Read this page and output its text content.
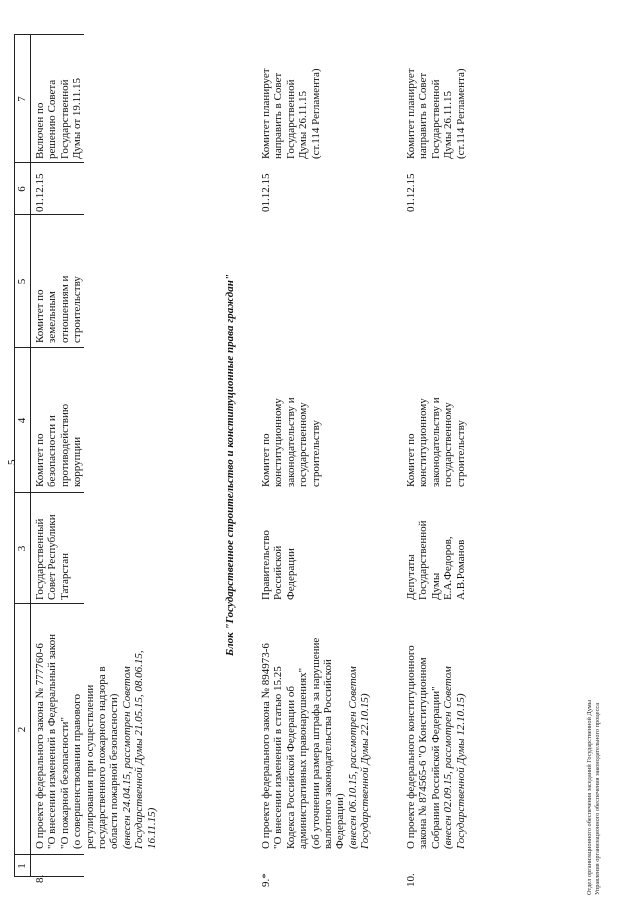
5
1
2
3
4
5
6
7
8.
О проекте федерального закона № 777760-6 "О внесении изменений в Федеральный закон "О пожарной безопасности" (о совершенствовании правового регулирования при осуществлении государственного пожарного надзора в области пожарной безопасности) (внесен 24.04.15, рассмотрен Советом Государственной Думы 21.05.15, 08.06.15, 16.11.15)
Государственный Совет Республики Татарстан
Комитет по безопасности и противодействию коррупции
Комитет по земельным отношениям и строительству
01.12.15
Включен по решению Совета Государственной Думы от 19.11.15
Блок "Государственное строительство и конституционные права граждан"
9.*
О проекте федерального закона № 894973-6 "О внесении изменений в статью 15.25 Кодекса Российской Федерации об административных правонарушениях" (об уточнении размера штрафа за нарушение валютного законодательства Российской Федерации) (внесен 06.10.15, рассмотрен Советом Государственной Думы 22.10.15)
Правительство Российской Федерации
Комитет по конституционному законодательству и государственному строительству
01.12.15
Комитет планирует направить в Совет Государственной Думы 26.11.15 (ст.114 Регламента)
10.
О проекте федерального конституционного закона № 874565-6 "О Конституционном Собрании Российской Федерации" (внесен 02.09.15, рассмотрен Советом Государственной Думы 12.10.15)
Депутаты Государственной Думы Е.А.Федоров, А.В.Романов
Комитет по конституционному законодательству и государственному строительству
01.12.15
Комитет планирует направить в Совет Государственной Думы 26.11.15 (ст.114 Регламента)
Отдел организационного обеспечения заседаний Государственной Думы Управления организационного обеспечения законодательного процесса
